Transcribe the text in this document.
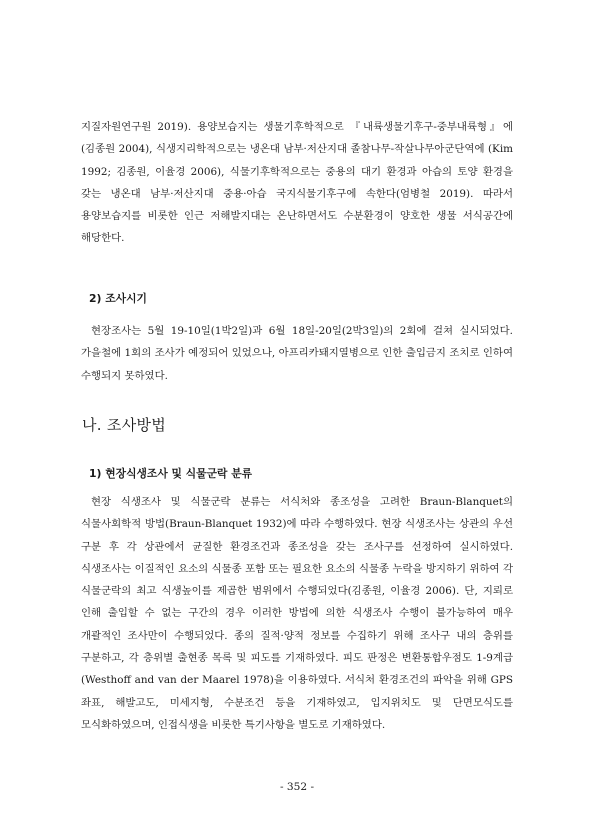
지질자원연구원 2019). 용양보습지는 생물기후학적으로 『내륙생물기후구-중부내륙형』에 (김종원 2004), 식생지리학적으로는 냉온대 남부·저산지대 졸참나무-작살나무아군단역에 (Kim 1992; 김종원, 이율경 2006), 식물기후학적으로는 중용의 대기 환경과 아습의 토양 환경을 갖는 냉온대 남부·저산지대 중용·아습 국지식물기후구에 속한다(엄병철 2019). 따라서 용양보습지를 비롯한 인근 저해발지대는 온난하면서도 수분환경이 양호한 생물 서식공간에 해당한다.

2) 조사시기

현장조사는 5월 19-10일(1박2일)과 6월 18일-20일(2박3일)의 2회에 걸쳐 실시되었다. 가을철에 1회의 조사가 예정되어 있었으나, 아프리카돼지열병으로 인한 출입금지 조치로 인하여 수행되지 못하였다.

나. 조사방법
1) 현장식생조사 및 식물군락 분류

현장 식생조사 및 식물군락 분류는 서식처와 종조성을 고려한 Braun-Blanquet의 식물사회학적 방법(Braun-Blanquet 1932)에 따라 수행하였다. 현장 식생조사는 상관의 우선 구분 후 각 상관에서 균질한 환경조건과 종조성을 갖는 조사구를 선정하여 실시하였다. 식생조사는 이질적인 요소의 식물종 포함 또는 필요한 요소의 식물종 누락을 방지하기 위하여 각 식물군락의 최고 식생높이를 제곱한 범위에서 수행되었다(김종원, 이율경 2006). 단, 지뢰로 인해 출입할 수 없는 구간의 경우 이러한 방법에 의한 식생조사 수행이 불가능하여 매우 개괄적인 조사만이 수행되었다. 종의 질적·양적 정보를 수집하기 위해 조사구 내의 층위를 구분하고, 각 층위별 출현종 목록 및 피도를 기재하였다. 피도 판정은 변환통합우점도 1-9계급(Westhoff and van der Maarel 1978)을 이용하였다. 서식처 환경조건의 파악을 위해 GPS 좌표, 해발고도, 미세지형, 수분조건 등을 기재하였고, 입지위치도 및 단면모식도를 모식화하였으며, 인접식생을 비롯한 특기사항을 별도로 기재하였다.

- 352 -
